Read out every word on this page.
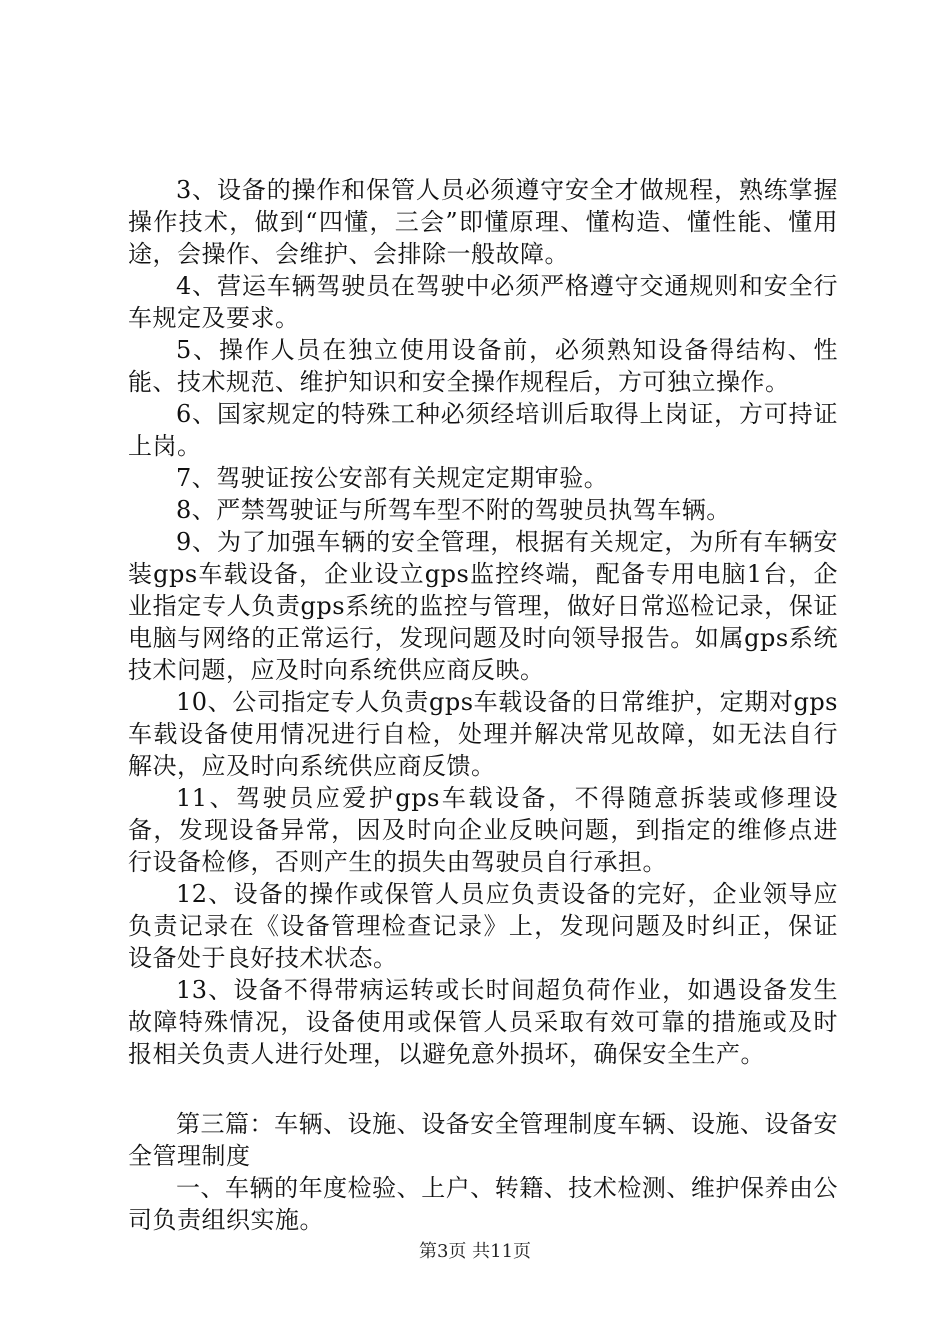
3、设备的操作和保管人员必须遵守安全才做规程，熟练掌握操作技术，做到“四懂，三会”即懂原理、懂构造、懂性能、懂用途，会操作、会维护、会排除一般故障。

4、营运车辆驾驶员在驾驶中必须严格遵守交通规则和安全行车规定及要求。

5、操作人员在独立使用设备前，必须熟知设备得结构、性能、技术规范、维护知识和安全操作规程后，方可独立操作。

6、国家规定的特殊工种必须经培训后取得上岗证，方可持证上岗。

7、驾驶证按公安部有关规定定期审验。

8、严禁驾驶证与所驾车型不附的驾驶员执驾车辆。

9、为了加强车辆的安全管理，根据有关规定，为所有车辆安装gps车载设备，企业设立gps监控终端，配备专用电脑1台，企业指定专人负责gps系统的监控与管理，做好日常巡检记录，保证电脑与网络的正常运行，发现问题及时向领导报告。如属gps系统技术问题，应及时向系统供应商反映。

10、公司指定专人负责gps车载设备的日常维护，定期对gps车载设备使用情况进行自检，处理并解决常见故障，如无法自行解决，应及时向系统供应商反馈。

11、驾驶员应爱护gps车载设备，不得随意拆装或修理设备，发现设备异常，因及时向企业反映问题，到指定的维修点进行设备检修，否则产生的损失由驾驶员自行承担。

12、设备的操作或保管人员应负责设备的完好，企业领导应负责记录在《设备管理检查记录》上，发现问题及时纠正，保证设备处于良好技术状态。

13、设备不得带病运转或长时间超负荷作业，如遇设备发生故障特殊情况，设备使用或保管人员采取有效可靠的措施或及时报相关负责人进行处理，以避免意外损坏，确保安全生产。

第三篇：车辆、设施、设备安全管理制度车辆、设施、设备安全管理制度

一、车辆的年度检验、上户、转籍、技术检测、维护保养由公司负责组织实施。

第3页 共11页
